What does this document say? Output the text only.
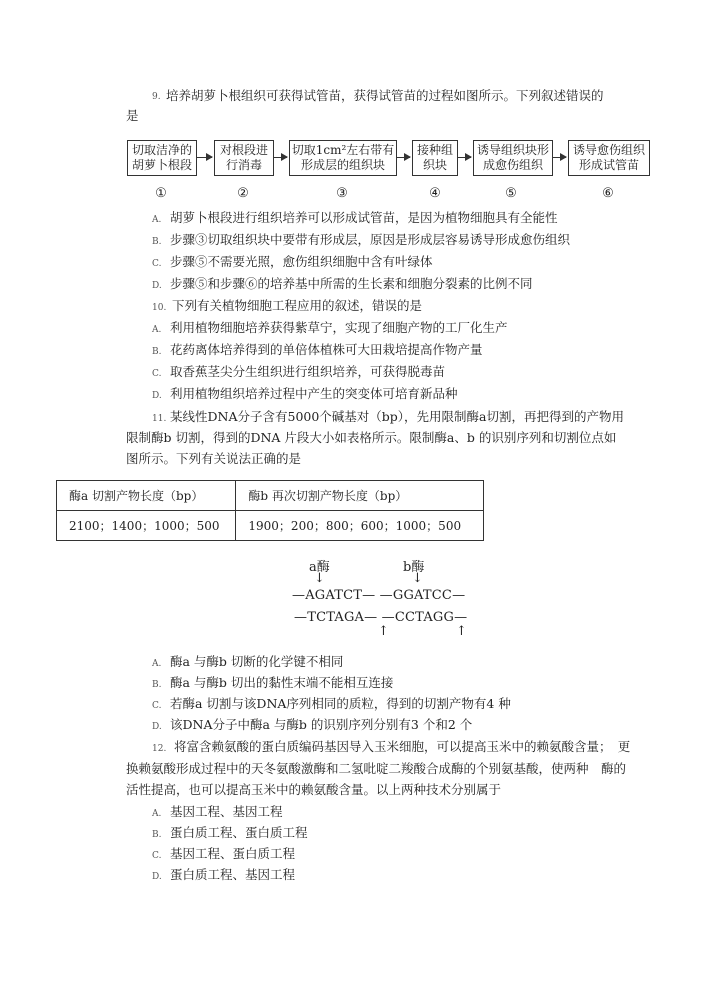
9. 培养胡萝卜根组织可获得试管苗，获得试管苗的过程如图所示。下列叙述错误的
是
切取洁净的胡萝卜根段
对根段进行消毒
切取1cm²左右带有形成层的组织块
接种组织块
诱导组织块形成愈伤组织
诱导愈伤组织形成试管苗
①	②	③	④	⑤	⑥
A. 胡萝卜根段进行组织培养可以形成试管苗，是因为植物细胞具有全能性
B. 步骤③切取组织块中要带有形成层，原因是形成层容易诱导形成愈伤组织
C. 步骤⑤不需要光照，愈伤组织细胞中含有叶绿体
D. 步骤⑤和步骤⑥的培养基中所需的生长素和细胞分裂素的比例不同
10. 下列有关植物细胞工程应用的叙述，错误的是
A. 利用植物细胞培养获得紫草宁，实现了细胞产物的工厂化生产
B. 花药离体培养得到的单倍体植株可大田栽培提高作物产量
C. 取香蕉茎尖分生组织进行组织培养，可获得脱毒苗
D. 利用植物组织培养过程中产生的突变体可培育新品种
11. 某线性DNA分子含有5000个碱基对（bp），先用限制酶a切割，再把得到的产物用
限制酶b 切割，得到的DNA 片段大小如表格所示。限制酶a、b 的识别序列和切割位点如
图所示。下列有关说法正确的是
酶a 切割产物长度（bp）	酶b 再次切割产物长度（bp）
2100；1400；1000；500	1900；200；800；600；1000；500
a酶	b酶
↓	↓
—AGATCT— —GGATCC—
—TCTAGA— —CCTAGG—
↑	↑
A. 酶a 与酶b 切断的化学键不相同
B. 酶a 与酶b 切出的黏性末端不能相互连接
C. 若酶a 切割与该DNA序列相同的质粒，得到的切割产物有4 种
D. 该DNA分子中酶a 与酶b 的识别序列分别有3 个和2 个
12. 将富含赖氨酸的蛋白质编码基因导入玉米细胞，可以提高玉米中的赖氨酸含量；　更
换赖氨酸形成过程中的天冬氨酸激酶和二氢吡啶二羧酸合成酶的个别氨基酸，使两种　酶的
活性提高，也可以提高玉米中的赖氨酸含量。以上两种技术分别属于
A. 基因工程、基因工程
B. 蛋白质工程、蛋白质工程
C. 基因工程、蛋白质工程
D. 蛋白质工程、基因工程
